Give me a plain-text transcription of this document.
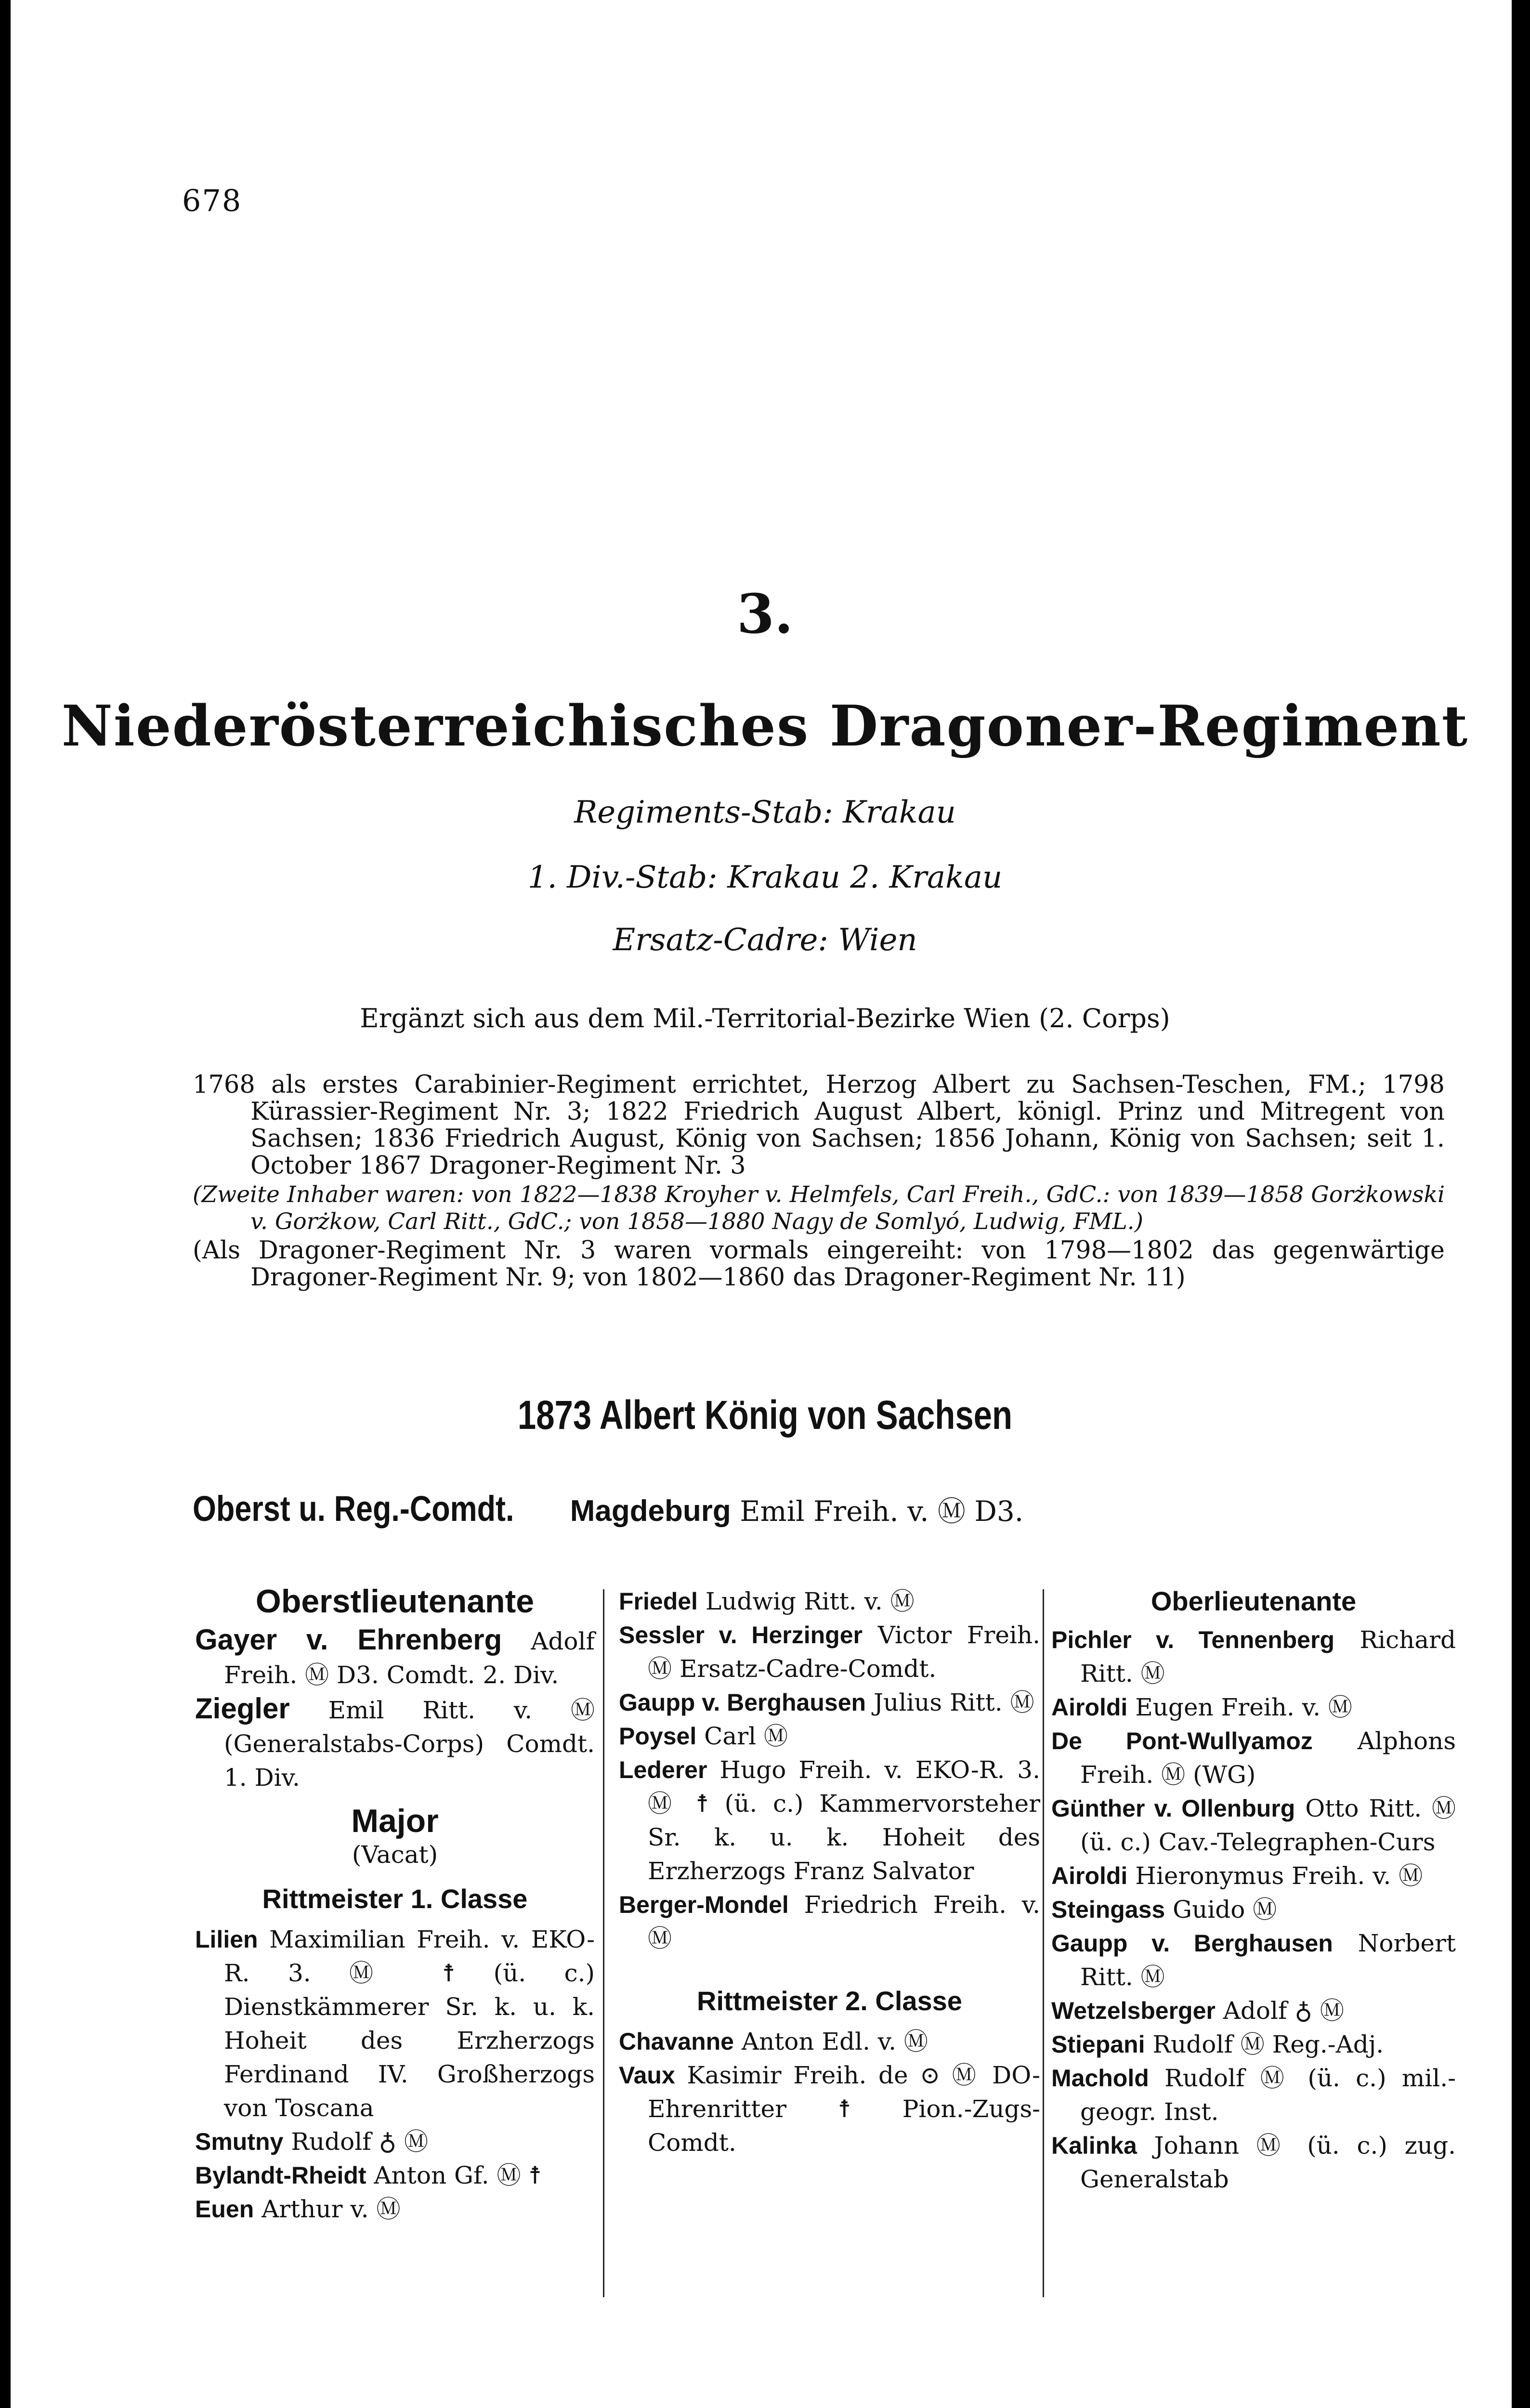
678
3.
Niederösterreichisches Dragoner-Regiment
Regiments-Stab: Krakau
1. Div.-Stab: Krakau 2. Krakau
Ersatz-Cadre: Wien
Ergänzt sich aus dem Mil.-Territorial-Bezirke Wien (2. Corps)

1768 als erstes Carabinier-Regiment errichtet, Herzog Albert zu Sachsen-Teschen, FM.; 1798 Kürassier-Regiment Nr. 3; 1822 Friedrich August Albert, königl. Prinz und Mitregent von Sachsen; 1836 Friedrich August, König von Sachsen; 1856 Johann, König von Sachsen; seit 1. October 1867 Dragoner-Regiment Nr. 3

(Zweite Inhaber waren: von 1822—1838 Kroyher v. Helmfels, Carl Freih., GdC.: von 1839—1858 Gorżkowski v. Gorżkow, Carl Ritt., GdC.; von 1858—1880 Nagy de Somlyó, Ludwig, FML.)

(Als Dragoner-Regiment Nr. 3 waren vormals eingereiht: von 1798—1802 das gegenwärtige Dragoner-Regiment Nr. 9; von 1802—1860 das Dragoner-Regiment Nr. 11)

1873 Albert König von Sachsen
Oberst u. Reg.-Comdt. Magdeburg Emil Freih. v. Ⓜ D3.
Oberstlieutenante
Gayer v. Ehrenberg Adolf Freih. Ⓜ D3. Comdt. 2. Div.
Ziegler Emil Ritt. v. Ⓜ (Generalstabs-Corps) Comdt. 1. Div.
Major
(Vacat)
Rittmeister 1. Classe
Lilien Maximilian Freih. v. EKO-R. 3. Ⓜ ☨ (ü. c.) Dienstkämmerer Sr. k. u. k. Hoheit des Erzherzogs Ferdinand IV. Großherzogs von Toscana
Smutny Rudolf ♁ Ⓜ
Bylandt-Rheidt Anton Gf. Ⓜ ☨
Euen Arthur v. Ⓜ
Friedel Ludwig Ritt. v. Ⓜ
Sessler v. Herzinger Victor Freih. Ⓜ Ersatz-Cadre-Comdt.
Gaupp v. Berghausen Julius Ritt. Ⓜ
Poysel Carl Ⓜ
Lederer Hugo Freih. v. EKO-R. 3. Ⓜ ☨ (ü. c.) Kammervorsteher Sr. k. u. k. Hoheit des Erzherzogs Franz Salvator
Berger-Mondel Friedrich Freih. v. Ⓜ
Rittmeister 2. Classe
Chavanne Anton Edl. v. Ⓜ
Vaux Kasimir Freih. de ⊙ Ⓜ DO-Ehrenritter ☨ Pion.-Zugs-Comdt.
Oberlieutenante
Pichler v. Tennenberg Richard Ritt. Ⓜ
Airoldi Eugen Freih. v. Ⓜ
De Pont-Wullyamoz Alphons Freih. Ⓜ (WG)
Günther v. Ollenburg Otto Ritt. Ⓜ (ü. c.) Cav.-Telegraphen-Curs
Airoldi Hieronymus Freih. v. Ⓜ
Steingass Guido Ⓜ
Gaupp v. Berghausen Norbert Ritt. Ⓜ
Wetzelsberger Adolf ♁ Ⓜ
Stiepani Rudolf Ⓜ Reg.-Adj.
Machold Rudolf Ⓜ (ü. c.) mil.-geogr. Inst.
Kalinka Johann Ⓜ (ü. c.) zug. Generalstab
